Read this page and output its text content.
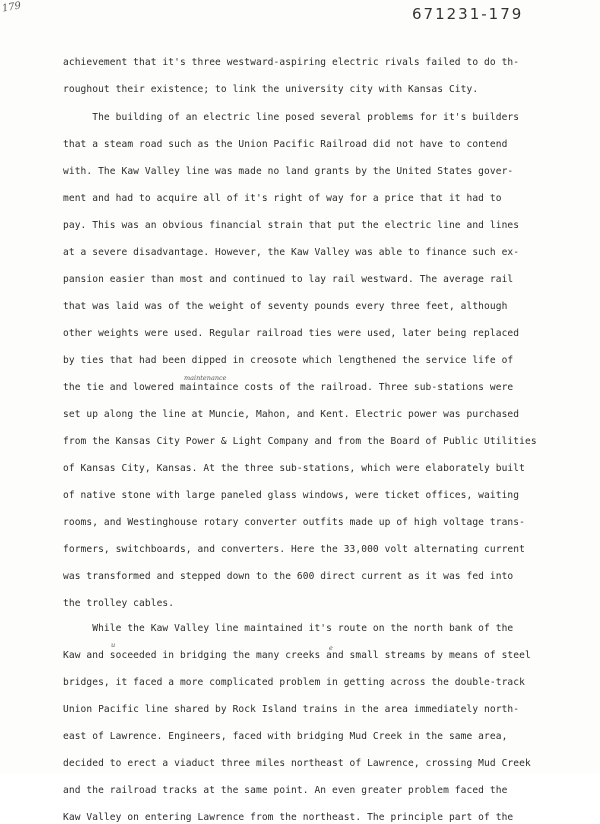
179	671231-179
achievement that it's three westward-aspiring electric rivals failed to do th-
roughout their existence; to link the university city with Kansas City.
The building of an electric line posed several problems for it's builders
that a steam road such as the Union Pacific Railroad did not have to contend
with. The Kaw Valley line was made no land grants by the United States gover-
ment and had to acquire all of it's right of way for a price that it had to
pay. This was an obvious financial strain that put the electric line and lines
at a severe disadvantage. However, the Kaw Valley was able to finance such ex-
pansion easier than most and continued to lay rail westward. The average rail
that was laid was of the weight of seventy pounds every three feet, although
other weights were used. Regular railroad ties were used, later being replaced
by ties that had been dipped in creosote which lengthened the service life of
maintenance
the tie and lowered maintaince costs of the railroad. Three sub-stations were
set up along the line at Muncie, Mahon, and Kent. Electric power was purchased
from the Kansas City Power & Light Company and from the Board of Public Utilities
of Kansas City, Kansas. At the three sub-stations, which were elaborately built
of native stone with large paneled glass windows, were ticket offices, waiting
rooms, and Westinghouse rotary converter outfits made up of high voltage trans-
formers, switchboards, and converters. Here the 33,000 volt alternating current
was transformed and stepped down to the 600 direct current as it was fed into
the trolley cables.
While the Kaw Valley line maintained it's route on the north bank of the
u	e
Kaw and soceeded in bridging the many creeks and small streams by means of steel
bridges, it faced a more complicated problem in getting across the double-track
Union Pacific line shared by Rock Island trains in the area immediately north-
east of Lawrence. Engineers, faced with bridging Mud Creek in the same area,
decided to erect a viaduct three miles northeast of Lawrence, crossing Mud Creek
and the railroad tracks at the same point. An even greater problem faced the
Kaw Valley on entering Lawrence from the northeast. The principle part of the
